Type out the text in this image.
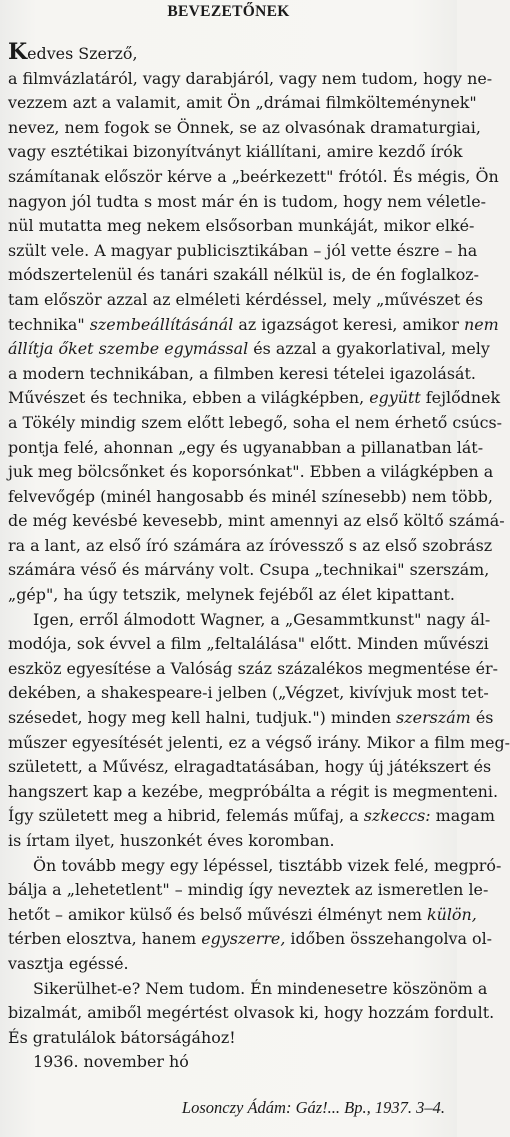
BEVEZETŐNEK
Kedves Szerző,
a filmvázlatáról, vagy darabjáról, vagy nem tudom, hogy ne-
vezzem azt a valamit, amit Ön „drámai filmkölteménynek"
nevez, nem fogok se Önnek, se az olvasónak dramaturgiai,
vagy esztétikai bizonyítványt kiállítani, amire kezdő írók
számítanak először kérve a „beérkezett" frótól. És mégis, Ön
nagyon jól tudta s most már én is tudom, hogy nem véletle-
nül mutatta meg nekem elsősorban munkáját, mikor elké-
szült vele. A magyar publicisztikában – jól vette észre – ha
módszertelenül és tanári szakáll nélkül is, de én foglalkoz-
tam először azzal az elméleti kérdéssel, mely „művészet és
technika" szembeállításánál az igazságot keresi, amikor nem
állítja őket szembe egymással és azzal a gyakorlatival, mely
a modern technikában, a filmben keresi tételei igazolását.
Művészet és technika, ebben a világképben, együtt fejlődnek
a Tökély mindig szem előtt lebegő, soha el nem érhető csúcs-
pontja felé, ahonnan „egy és ugyanabban a pillanatban lát-
juk meg bölcsőnket és koporsónkat". Ebben a világképben a
felvevőgép (minél hangosabb és minél színesebb) nem több,
de még kevésbé kevesebb, mint amennyi az első költő számá-
ra a lant, az első író számára az íróvessző s az első szobrász
számára véső és márvány volt. Csupa „technikai" szerszám,
„gép", ha úgy tetszik, melynek fejéből az élet kipattant.
Igen, erről álmodott Wagner, a „Gesammtkunst" nagy ál-
modója, sok évvel a film „feltalálása" előtt. Minden művészi
eszköz egyesítése a Valóság száz százalékos megmentése ér-
dekében, a shakespeare-i jelben („Végzet, kivívjuk most tet-
szésedet, hogy meg kell halni, tudjuk.") minden szerszám és
műszer egyesítését jelenti, ez a végső irány. Mikor a film meg-
született, a Művész, elragadtatásában, hogy új játékszert és
hangszert kap a kezébe, megpróbálta a régit is megmenteni.
Így született meg a hibrid, felemás műfaj, a szkeccs: magam
is írtam ilyet, huszonkét éves koromban.
Ön tovább megy egy lépéssel, tisztább vizek felé, megpró-
bálja a „lehetetlent" – mindig így neveztek az ismeretlen le-
hetőt – amikor külső és belső művészi élményt nem külön,
térben elosztva, hanem egyszerre, időben összehangolva ol-
vasztja egéssé.
Sikerülhet-e? Nem tudom. Én mindenesetre köszönöm a
bizalmát, amiből megértést olvasok ki, hogy hozzám fordult.
És gratulálok bátorságához!
1936. november hó
Losonczy Ádám: Gáz!... Bp., 1937. 3–4.
